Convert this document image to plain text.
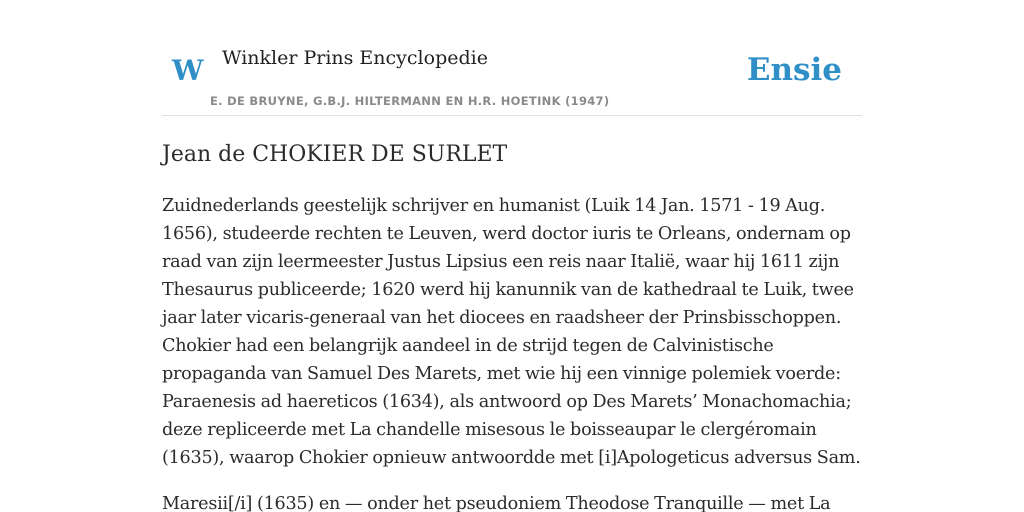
W Winkler Prins Encyclopedie
E. DE BRUYNE, G.B.J. HILTERMANN EN H.R. HOETINK (1947)
Ensie
Jean de CHOKIER DE SURLET

Zuidnederlands geestelijk schrijver en humanist (Luik 14 Jan. 1571 - 19 Aug. 1656), studeerde rechten te Leuven, werd doctor iuris te Orleans, ondernam op raad van zijn leermeester Justus Lipsius een reis naar Italië, waar hij 1611 zijn Thesaurus publiceerde; 1620 werd hij kanunnik van de kathedraal te Luik, twee jaar later vicaris-generaal van het diocees en raadsheer der Prinsbisschoppen. Chokier had een belangrijk aandeel in de strijd tegen de Calvinistische propaganda van Samuel Des Marets, met wie hij een vinnige polemiek voerde: Paraenesis ad haereticos (1634), als antwoord op Des Marets’ Monachomachia; deze repliceerde met La chandelle misesous le boisseaupar le clergéromain (1635), waarop Chokier opnieuw antwoordde met [i]Apologeticus adversus Sam.

Maresii[/i] (1635) en — onder het pseudoniem Theodose Tranquille — met La
